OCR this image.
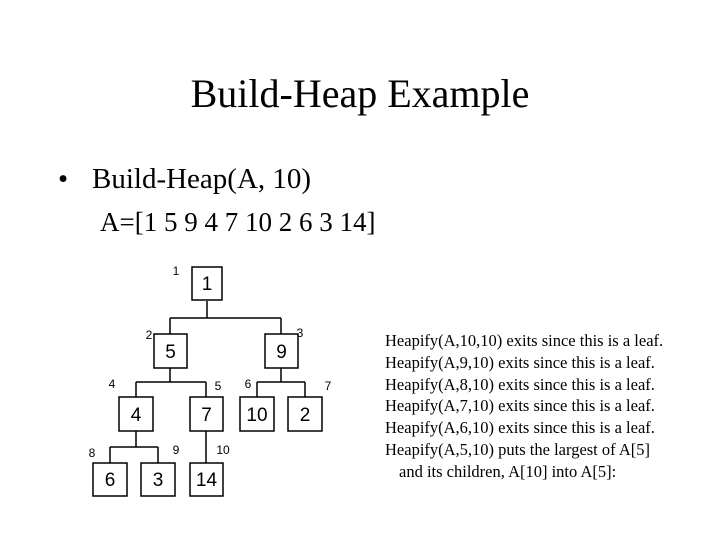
Build-Heap Example
• Build-Heap(A, 10)
A=[1 5 9 4 7 10 2 6 3 14]
1
5	9
4	7 10 2
6 3 14
1
2	3
4	5 6	7
8	9	10
Heapify(A,10,10) exits since this is a leaf.
Heapify(A,9,10) exits since this is a leaf.
Heapify(A,8,10) exits since this is a leaf.
Heapify(A,7,10) exits since this is a leaf.
Heapify(A,6,10) exits since this is a leaf.
Heapify(A,5,10) puts the largest of A[5]
and its children, A[10] into A[5]:
